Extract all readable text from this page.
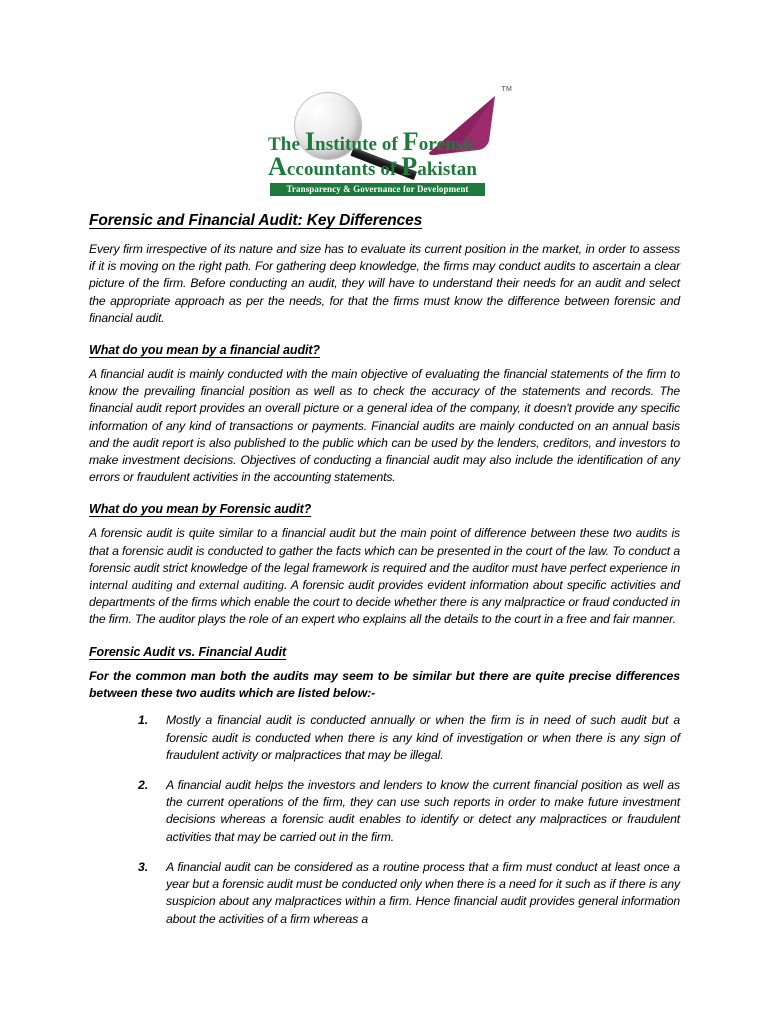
TM
The Institute of Forensic
Accountants of Pakistan
Transparency & Governance for Development
Forensic and Financial Audit: Key Differences

Every firm irrespective of its nature and size has to evaluate its current position in the market, in order to assess if it is moving on the right path. For gathering deep knowledge, the firms may conduct audits to ascertain a clear picture of the firm. Before conducting an audit, they will have to understand their needs for an audit and select the appropriate approach as per the needs, for that the firms must know the difference between forensic and financial audit.

What do you mean by a financial audit?

A financial audit is mainly conducted with the main objective of evaluating the financial statements of the firm to know the prevailing financial position as well as to check the accuracy of the statements and records. The financial audit report provides an overall picture or a general idea of the company, it doesn't provide any specific information of any kind of transactions or payments. Financial audits are mainly conducted on an annual basis and the audit report is also published to the public which can be used by the lenders, creditors, and investors to make investment decisions. Objectives of conducting a financial audit may also include the identification of any errors or fraudulent activities in the accounting statements.

What do you mean by Forensic audit?

A forensic audit is quite similar to a financial audit but the main point of difference between these two audits is that a forensic audit is conducted to gather the facts which can be presented in the court of the law. To conduct a forensic audit strict knowledge of the legal framework is required and the auditor must have perfect experience in internal auditing and external auditing. A forensic audit provides evident information about specific activities and departments of the firms which enable the court to decide whether there is any malpractice or fraud conducted in the firm. The auditor plays the role of an expert who explains all the details to the court in a free and fair manner.

Forensic Audit vs. Financial Audit

For the common man both the audits may seem to be similar but there are quite precise differences between these two audits which are listed below:-

1. Mostly a financial audit is conducted annually or when the firm is in need of such audit but a forensic audit is conducted when there is any kind of investigation or when there is any sign of fraudulent activity or malpractices that may be illegal.

2. A financial audit helps the investors and lenders to know the current financial position as well as the current operations of the firm, they can use such reports in order to make future investment decisions whereas a forensic audit enables to identify or detect any malpractices or fraudulent activities that may be carried out in the firm.

3. A financial audit can be considered as a routine process that a firm must conduct at least once a year but a forensic audit must be conducted only when there is a need for it such as if there is any suspicion about any malpractices within a firm. Hence financial audit provides general information about the activities of a firm whereas a
